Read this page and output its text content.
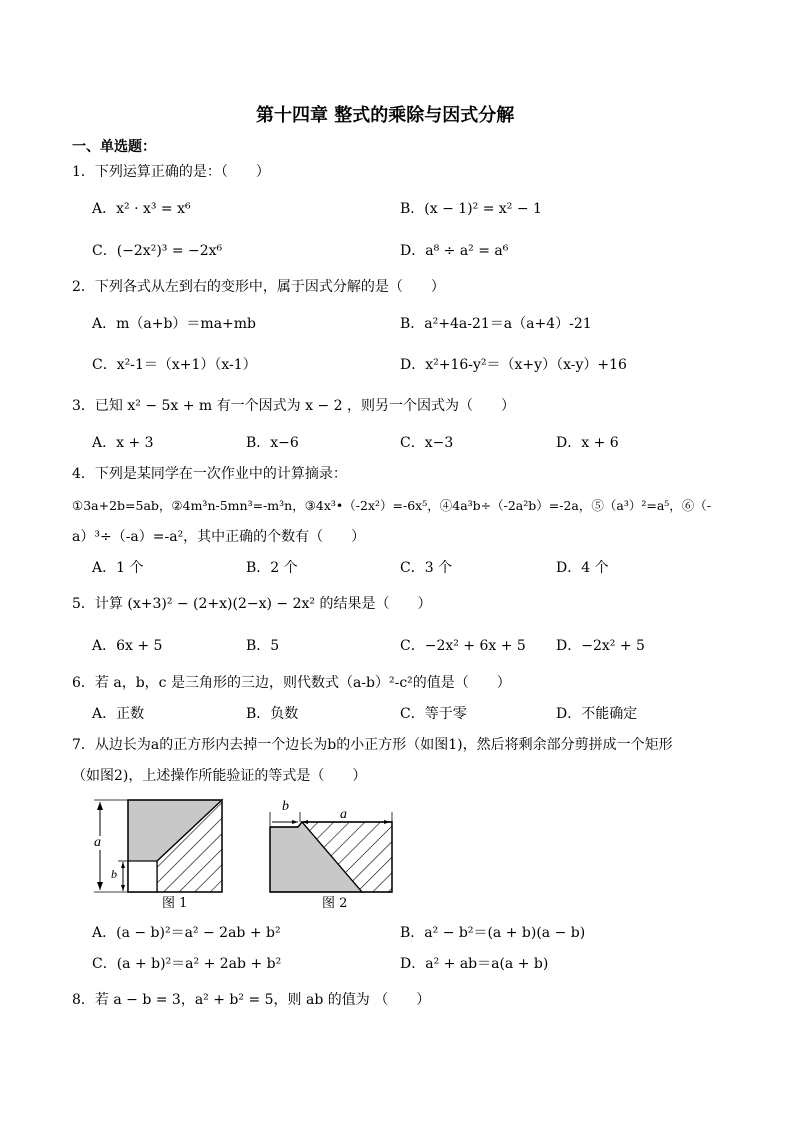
第十四章 整式的乘除与因式分解
一、单选题：
1．下列运算正确的是：（　　）
A．x² · x³ = x⁶	B．(x − 1)² = x² − 1
C．(−2x²)³ = −2x⁶	D．a⁸ ÷ a² = a⁶
2．下列各式从左到右的变形中，属于因式分解的是（　　）
A．m（a+b）＝ma+mb	B．a²+4a-21＝a（a+4）-21
C．x²-1＝（x+1）（x-1）	D．x²+16-y²＝（x+y）（x-y）+16
3．已知 x² − 5x + m 有一个因式为 x − 2 ，则另一个因式为（　　）
A．x + 3	B．x−6	C．x−3	D．x + 6
4．下列是某同学在一次作业中的计算摘录：
①3a+2b=5ab，②4m³n-5mn³=-m³n，③4x³•（-2x²）=-6x⁵，④4a³b÷（-2a²b）=-2a，⑤（a³）²=a⁵，⑥（-
a）³÷（-a）=-a²，其中正确的个数有（　　）
A．1 个	B．2 个	C．3 个	D．4 个
5．计算 (x+3)² − (2+x)(2−x) − 2x² 的结果是（　　）
A．6x + 5	B．5	C．−2x² + 6x + 5 D．−2x² + 5
6．若 a，b，c 是三角形的三边，则代数式（a-b）²-c²的值是（　　）
A．正数	B．负数	C．等于零	D．不能确定
7．从边长为a的正方形内去掉一个边长为b的小正方形（如图1)，然后将剩余部分剪拼成一个矩形
（如图2)，上述操作所能验证的等式是（　　）
a
b
图 1
b
a
图 2
A．(a − b)²＝a² − 2ab + b²	B．a² − b²＝(a + b)(a − b)
C．(a + b)²＝a² + 2ab + b²	D．a² + ab＝a(a + b)
8．若 a − b = 3，a² + b² = 5，则 ab 的值为 （　　）
